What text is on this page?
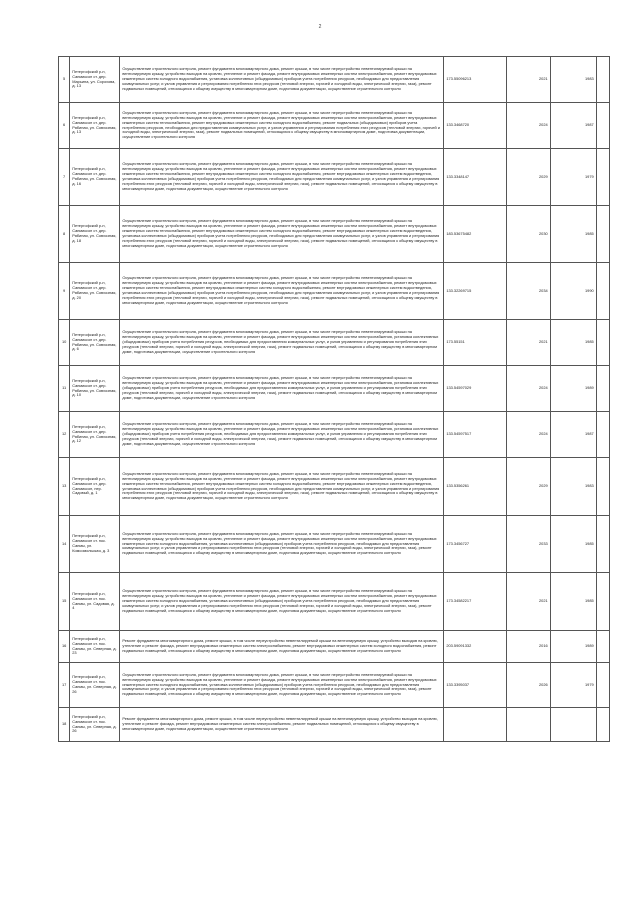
2
5	Петергофский р-н, Сапмиксон ст. дер. Марьина, ул. Сорохова, д. 13	Осуществление строительного контроля, ремонт фундамента многоквартирного дома, ремонт крыши, в том числе переустройство невентилируемой крыши на вентилируемую крышу, устройство выходов на кровлю, утепление и ремонт фасада, ремонт внутридомовых инженерных систем электроснабжения, ремонт внутридомовых инженерных систем холодного водоснабжения, установка коллективных (общедомовых) приборов учета потребления ресурсов, необходимых для предоставления коммунальных услуг, и узлов управления и регулирования потребления этих ресурсов (тепловой энергии, горячей и холодной воды, электрической энергии, газа), ремонт подвальных помещений, относящихся к общему имуществу в многоквартирном доме, подготовка документации, осуществление строительного контроля	173.55096213	2021	1983	
6	Петергофский р-н, Сапмиксон ст. дер. Рябиная, ул. Совхозная, д. 13	Осуществление строительного контроля, ремонт фундамента многоквартирного дома, ремонт крыши, в том числе переустройство невентилируемой крыши на вентилируемую крышу, устройство выходов на кровлю, утепление и ремонт фасада, ремонт внутридомовых инженерных систем электроснабжения, ремонт внутридомовых инженерных систем теплоснабжения, ремонт внутридомовых инженерных систем холодного водоснабжения, ремонт подвальных (общедомовых) приборов учета потребления ресурсов, необходимых для предоставления коммунальных услуг, и узлов управления и регулирования потребления этих ресурсов (тепловой энергии, горячей и холодной воды, электрической энергии, газа), ремонт подвальных помещений, относящихся к общему имуществу в многоквартирном доме, подготовка документации, осуществление строительного контроля	133.3468720	2024	1987	
7	Петергофский р-н, Сапмиксон ст. дер. Рябиная, ул. Совхозная, д. 16	Осуществление строительного контроля, ремонт фундамента многоквартирного дома, ремонт крыши, в том числе переустройство невентилируемой крыши на вентилируемую крышу, устройство выходов на кровлю, утепление и ремонт фасада, ремонт внутридомовых инженерных систем электроснабжения, ремонт внутридомовых инженерных систем теплоснабжения, ремонт внутридомовых инженерных систем холодного водоснабжения, ремонт внутридомовых инженерных систем водоотведения, установка коллективных (общедомовых) приборов учета потребления ресурсов, необходимых для предоставления коммунальных услуг, и узлов управления и регулирования потребления этих ресурсов (тепловой энергии, горячей и холодной воды, электрической энергии, газа), ремонт подвальных помещений, относящихся к общему имуществу в многоквартирном доме, подготовка документации, осуществление строительного контроля	133.3348147	2029	1979	
8	Петергофский р-н, Сапмиксон ст. дер. Рябиная, ул. Совхозная, д. 18	Осуществление строительного контроля, ремонт фундамента многоквартирного дома, ремонт крыши, в том числе переустройство невентилируемой крыши на вентилируемую крышу, устройство выходов на кровлю, утепление и ремонт фасада, ремонт внутридомовых инженерных систем электроснабжения, ремонт внутридомовых инженерных систем теплоснабжения, ремонт внутридомовых инженерных систем холодного водоснабжения, ремонт внутридомовых инженерных систем водоотведения, установка коллективных (общедомовых) приборов учета потребления ресурсов, необходимых для предоставления коммунальных услуг, и узлов управления и регулирования потребления этих ресурсов (тепловой энергии, горячей и холодной воды, электрической энергии, газа), ремонт подвальных помещений, относящихся к общему имуществу в многоквартирном доме, подготовка документации, осуществление строительного контроля	183.53675482	2030	1985	
9	Петергофский р-н, Сапмиксон ст. дер. Рябиная, ул. Совхозная, д. 20	Осуществление строительного контроля, ремонт фундамента многоквартирного дома, ремонт крыши, в том числе переустройство невентилируемой крыши на вентилируемую крышу, устройство выходов на кровлю, утепление и ремонт фасада, ремонт внутридомовых инженерных систем электроснабжения, ремонт внутридомовых инженерных систем теплоснабжения, ремонт внутридомовых инженерных систем холодного водоснабжения, ремонт внутридомовых инженерных систем водоотведения, установка коллективных (общедомовых) приборов учета потребления ресурсов, необходимых для предоставления коммунальных услуг, и узлов управления и регулирования потребления этих ресурсов (тепловой энергии, горячей и холодной воды, электрической энергии, газа), ремонт подвальных помещений, относящихся к общему имуществу в многоквартирном доме, подготовка документации, осуществление строительного контроля	133.32269715	2034	1990	
10	Петергофский р-н, Сапмиксон ст. дер. Рябиная, ул. Совхозная, д. 6	Осуществление строительного контроля, ремонт фундамента многоквартирного дома, ремонт крыши, в том числе переустройство невентилируемой крыши на вентилируемую крышу, устройство выходов на кровлю, утепление и ремонт фасада, ремонт внутридомовых инженерных систем электроснабжения, установка коллективных (общедомовых) приборов учета потребления ресурсов, необходимых для предоставления коммунальных услуг, и узлов управления и регулирования потребления этих ресурсов (тепловой энергии, горячей и холодной воды, электрической энергии, газа), ремонт подвальных помещений, относящихся к общему имуществу в многоквартирном доме, подготовка документации, осуществление строительного контроля	173.55151	2021	1985	
11	Петергофский р-н, Сапмиксон ст. дер. Рябиная, ул. Совхозная, д. 10	Осуществление строительного контроля, ремонт фундамента многоквартирного дома, ремонт крыши, в том числе переустройство невентилируемой крыши на вентилируемую крышу, устройство выходов на кровлю, утепление и ремонт фасада, ремонт внутридомовых инженерных систем электроснабжения, установка коллективных (общедомовых) приборов учета потребления ресурсов, необходимых для предоставления коммунальных услуг, и узлов управления и регулирования потребления этих ресурсов (тепловой энергии, горячей и холодной воды, электрической энергии, газа), ремонт подвальных помещений, относящихся к общему имуществу в многоквартирном доме, подготовка документации, осуществление строительного контроля	133.54597029	2024	1989	
12	Петергофский р-н, Сапмиксон ст. дер. Рябиная, ул. Совхозная, д. 12	Осуществление строительного контроля, ремонт фундамента многоквартирного дома, ремонт крыши, в том числе переустройство невентилируемой крыши на вентилируемую крышу, устройство выходов на кровлю, утепление и ремонт фасада, ремонт внутридомовых инженерных систем электроснабжения, установка коллективных (общедомовых) приборов учета потребления ресурсов, необходимых для предоставления коммунальных услуг, и узлов управления и регулирования потребления этих ресурсов (тепловой энергии, горячей и холодной воды, электрической энергии, газа), ремонт подвальных помещений, относящихся к общему имуществу в многоквартирном доме, подготовка документации, осуществление строительного контроля	133.54597517	2024	1987	
13	Петергофский р-н, Сапмиксон ст. дер. Сапмиксон, пер. Садовый, д. 1	Осуществление строительного контроля, ремонт фундамента многоквартирного дома, ремонт крыши, в том числе переустройство невентилируемой крыши на вентилируемую крышу, устройство выходов на кровлю, утепление и ремонт фасада, ремонт внутридомовых инженерных систем электроснабжения, ремонт внутридомовых инженерных систем теплоснабжения, ремонт внутридомовых инженерных систем холодного водоснабжения, ремонт внутридомовых инженерных систем водоотведения, установка коллективных (общедомовых) приборов учета потребления ресурсов, необходимых для предоставления коммунальных услуг, и узлов управления и регулирования потребления этих ресурсов (тепловой энергии, горячей и холодной воды, электрической энергии, газа), ремонт подвальных помещений, относящихся к общему имуществу в многоквартирном доме, подготовка документации, осуществление строительного контроля	133.5356261	2029	1983	
14	Петергофский р-н, Сапмиксон ст. пос. Сапмы, ул. Комсомольская, д. 3	Осуществление строительного контроля, ремонт фундамента многоквартирного дома, ремонт крыши, в том числе переустройство невентилируемой крыши на вентилируемую крышу, устройство выходов на кровлю, утепление и ремонт фасада, ремонт внутридомовых инженерных систем электроснабжения, ремонт внутридомовых инженерных систем холодного водоснабжения, установка коллективных (общедомовых) приборов учета потребления ресурсов, необходимых для предоставления коммунальных услуг, и узлов управления и регулирования потребления этих ресурсов (тепловой энергии, горячей и холодной воды, электрической энергии, газа), ремонт подвальных помещений, относящихся к общему имуществу в многоквартирном доме, подготовка документации, осуществление строительного контроля	173.3456727	2033	1985	
15	Петергофский р-н, Сапмиксон ст. пос. Сапмы, ул. Садовая, д. 4	Осуществление строительного контроля, ремонт фундамента многоквартирного дома, ремонт крыши, в том числе переустройство невентилируемой крыши на вентилируемую крышу, устройство выходов на кровлю, утепление и ремонт фасада, ремонт внутридомовых инженерных систем электроснабжения, ремонт внутридомовых инженерных систем холодного водоснабжения, установка коллективных (общедомовых) приборов учета потребления ресурсов, необходимых для предоставления коммунальных услуг, и узлов управления и регулирования потребления этих ресурсов (тепловой энергии, горячей и холодной воды, электрической энергии, газа), ремонт подвальных помещений, относящихся к общему имуществу в многоквартирном доме, подготовка документации, осуществление строительного контроля	173.34582217	2021	1985	
16	Петергофский р-н, Сапмиксон ст. пос. Сапмы, ул. Северная, д. 23	Ремонт фундамента многоквартирного дома, ремонт крыши, в том числе переустройство невентилируемой крыши на вентилируемую крышу, устройство выходов на кровлю, утепление и ремонт фасада, ремонт внутридомовых инженерных систем электроснабжения, ремонт внутридомовых инженерных систем холодного водоснабжения, ремонт подвальных помещений, относящихся к общему имуществу в многоквартирном доме, подготовка документации, осуществление строительного контроля	203.59091332	2016	1989	
17	Петергофский р-н, Сапмиксон ст. пос. Сапмы, ул. Северная, д. 26	Осуществление строительного контроля, ремонт фундамента многоквартирного дома, ремонт крыши, в том числе переустройство невентилируемой крыши на вентилируемую крышу, устройство выходов на кровлю, утепление и ремонт фасада, ремонт внутридомовых инженерных систем электроснабжения, ремонт внутридомовых инженерных систем холодного водоснабжения, установка коллективных (общедомовых) приборов учета потребления ресурсов, необходимых для предоставления коммунальных услуг, и узлов управления и регулирования потребления этих ресурсов (тепловой энергии, горячей и холодной воды, электрической энергии, газа), ремонт подвальных помещений, относящихся к общему имуществу в многоквартирном доме, подготовка документации, осуществление строительного контроля	133.3395037	2026	1979	
18	Петергофский р-н, Сапмиксон ст. пос. Сапмы, ул. Северная, д. 26	Ремонт фундамента многоквартирного дома, ремонт крыши, в том числе переустройство невентилируемой крыши на вентилируемую крышу, устройство выходов на кровлю, утепление и ремонт фасада, ремонт внутридомовых инженерных систем электроснабжения, ремонт подвальных помещений, относящихся к общему имуществу в многоквартирном доме, подготовка документации, осуществление строительного контроля				
